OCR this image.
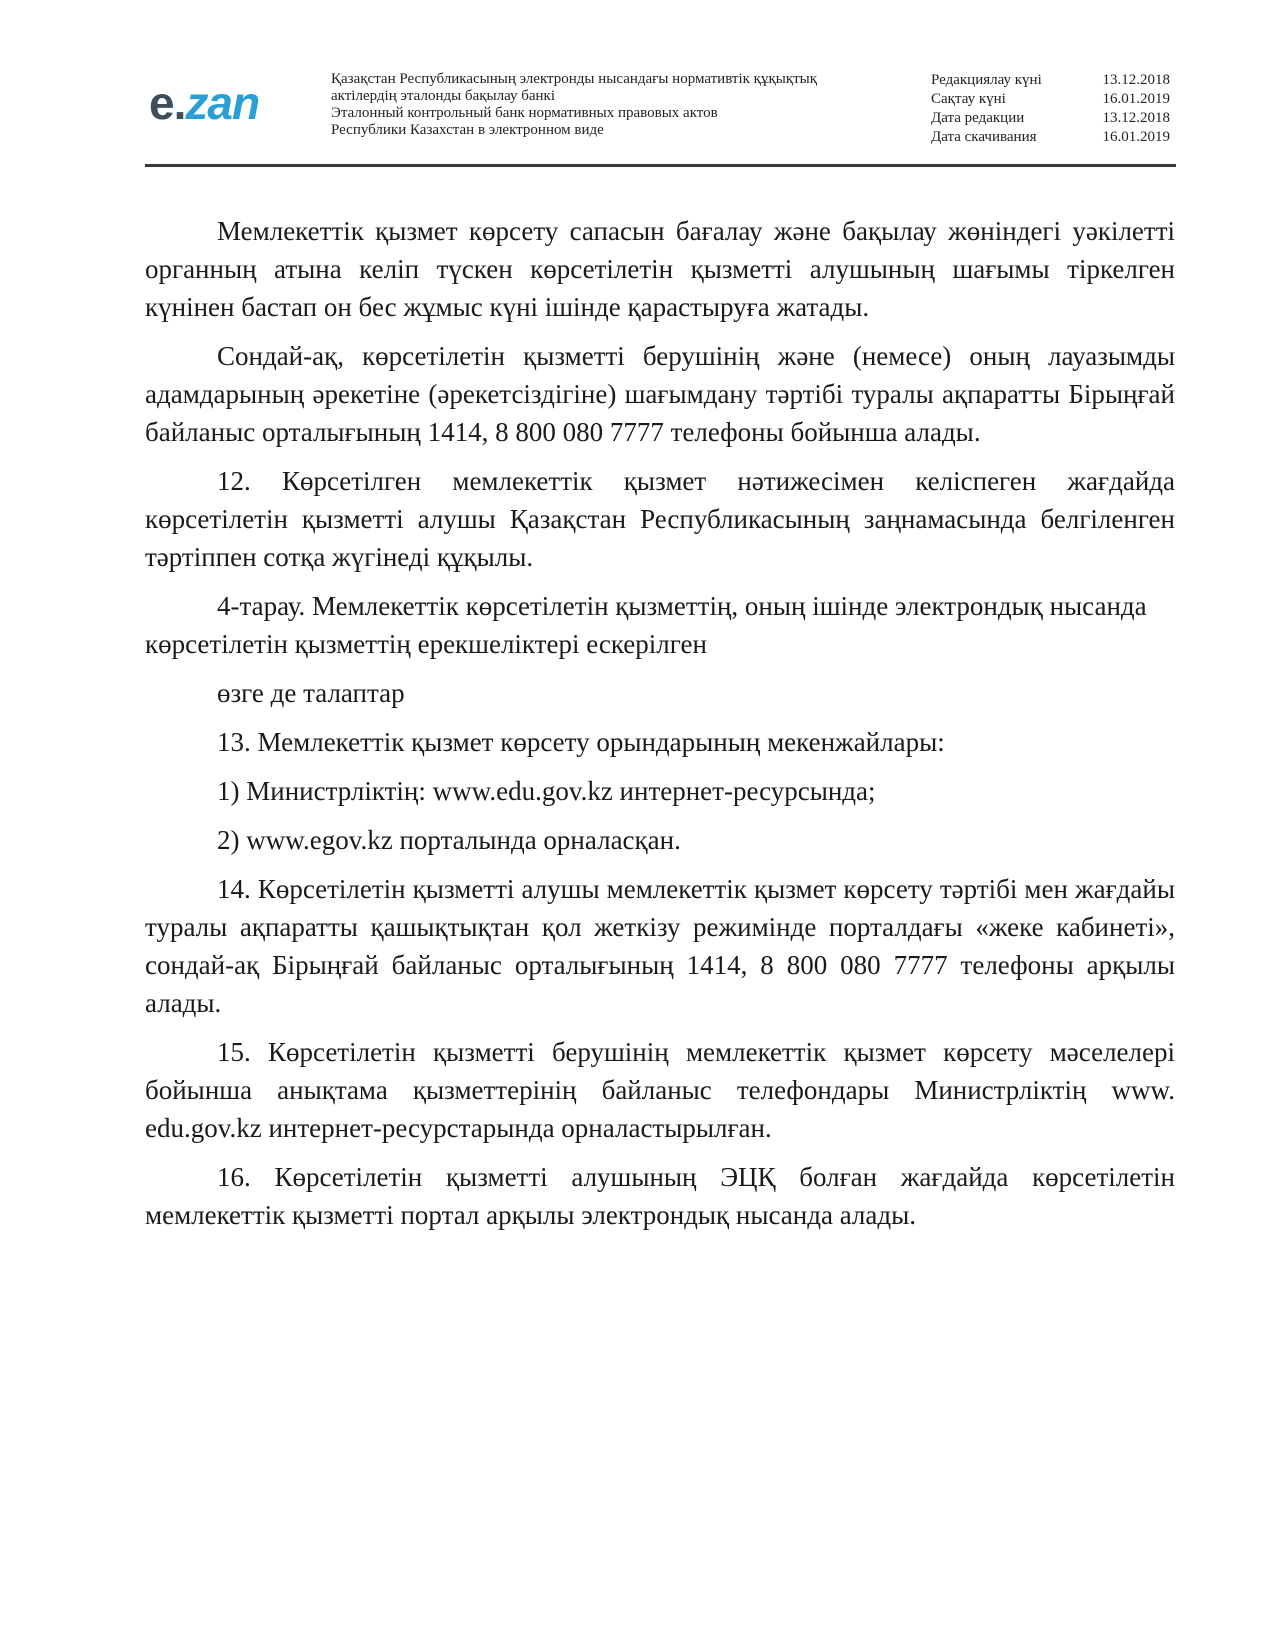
e.zan	Қазақстан Республикасының электронды нысандағы нормативтік құқықтық
актілердің эталонды бақылау банкі
Эталонный контрольный банк нормативных правовых актов
Республики Казахстан в электронном виде
Редакциялау күні	13.12.2018
Сақтау күні	16.01.2019
Дата редакции	13.12.2018
Дата скачивания	16.01.2019

Мемлекеттік қызмет көрсету сапасын бағалау және бақылау жөніндегі уәкілетті органның атына келіп түскен көрсетілетін қызметті алушының шағымы тіркелген күнінен бастап он бес жұмыс күні ішінде қарастыруға жатады.

Сондай-ақ, көрсетілетін қызметті берушінің және (немесе) оның лауазымды адамдарының әрекетіне (әрекетсіздігіне) шағымдану тәртібі туралы ақпаратты Бірыңғай байланыс орталығының 1414, 8 800 080 7777 телефоны бойынша алады.

12. Көрсетілген мемлекеттік қызмет нәтижесімен келіспеген жағдайда көрсетілетін қызметті алушы Қазақстан Республикасының заңнамасында белгіленген тәртіппен сотқа жүгінеді құқылы.

4-тарау. Мемлекеттік көрсетілетін қызметтің, оның ішінде электрондық нысанда көрсетілетін қызметтің ерекшеліктері ескерілген

өзге де талаптар

13. Мемлекеттік қызмет көрсету орындарының мекенжайлары:

1) Министрліктің: www.edu.gov.kz интернет-ресурсында;

2) www.egov.kz порталында орналасқан.

14. Көрсетілетін қызметті алушы мемлекеттік қызмет көрсету тәртібі мен жағдайы туралы ақпаратты қашықтықтан қол жеткізу режимінде порталдағы «жеке кабинеті», сондай-ақ Бірыңғай байланыс орталығының 1414, 8 800 080 7777 телефоны арқылы алады.

15. Көрсетілетін қызметті берушінің мемлекеттік қызмет көрсету мәселелері бойынша анықтама қызметтерінің байланыс телефондары Министрліктің www. edu.gov.kz интернет-ресурстарында орналастырылған.

16. Көрсетілетін қызметті алушының ЭЦҚ болған жағдайда көрсетілетін мемлекеттік қызметті портал арқылы электрондық нысанда алады.
